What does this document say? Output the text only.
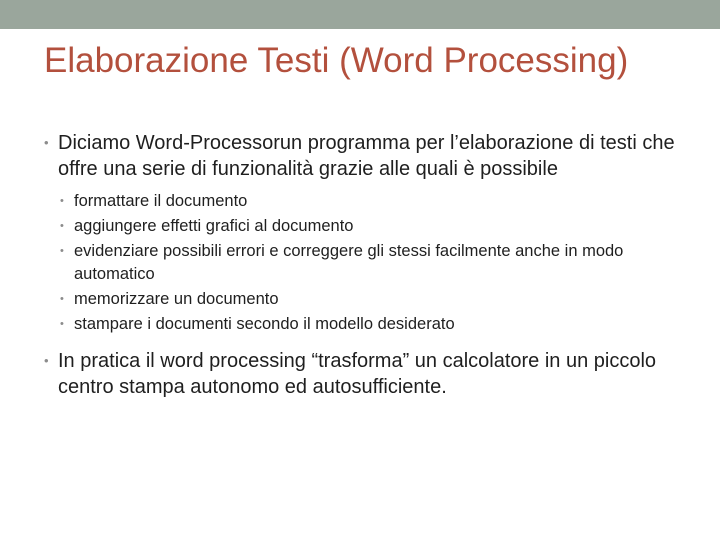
Elaborazione Testi (Word Processing)
• Diciamo Word-Processorun programma per l’elaborazione di testi che offre una serie di funzionalità grazie alle quali è possibile
• formattare il documento
• aggiungere effetti grafici al documento
• evidenziare possibili errori e correggere gli stessi facilmente anche in modo automatico
• memorizzare un documento
• stampare i documenti secondo il modello desiderato
• In pratica il word processing “trasforma” un calcolatore in un piccolo centro stampa autonomo ed autosufficiente.
